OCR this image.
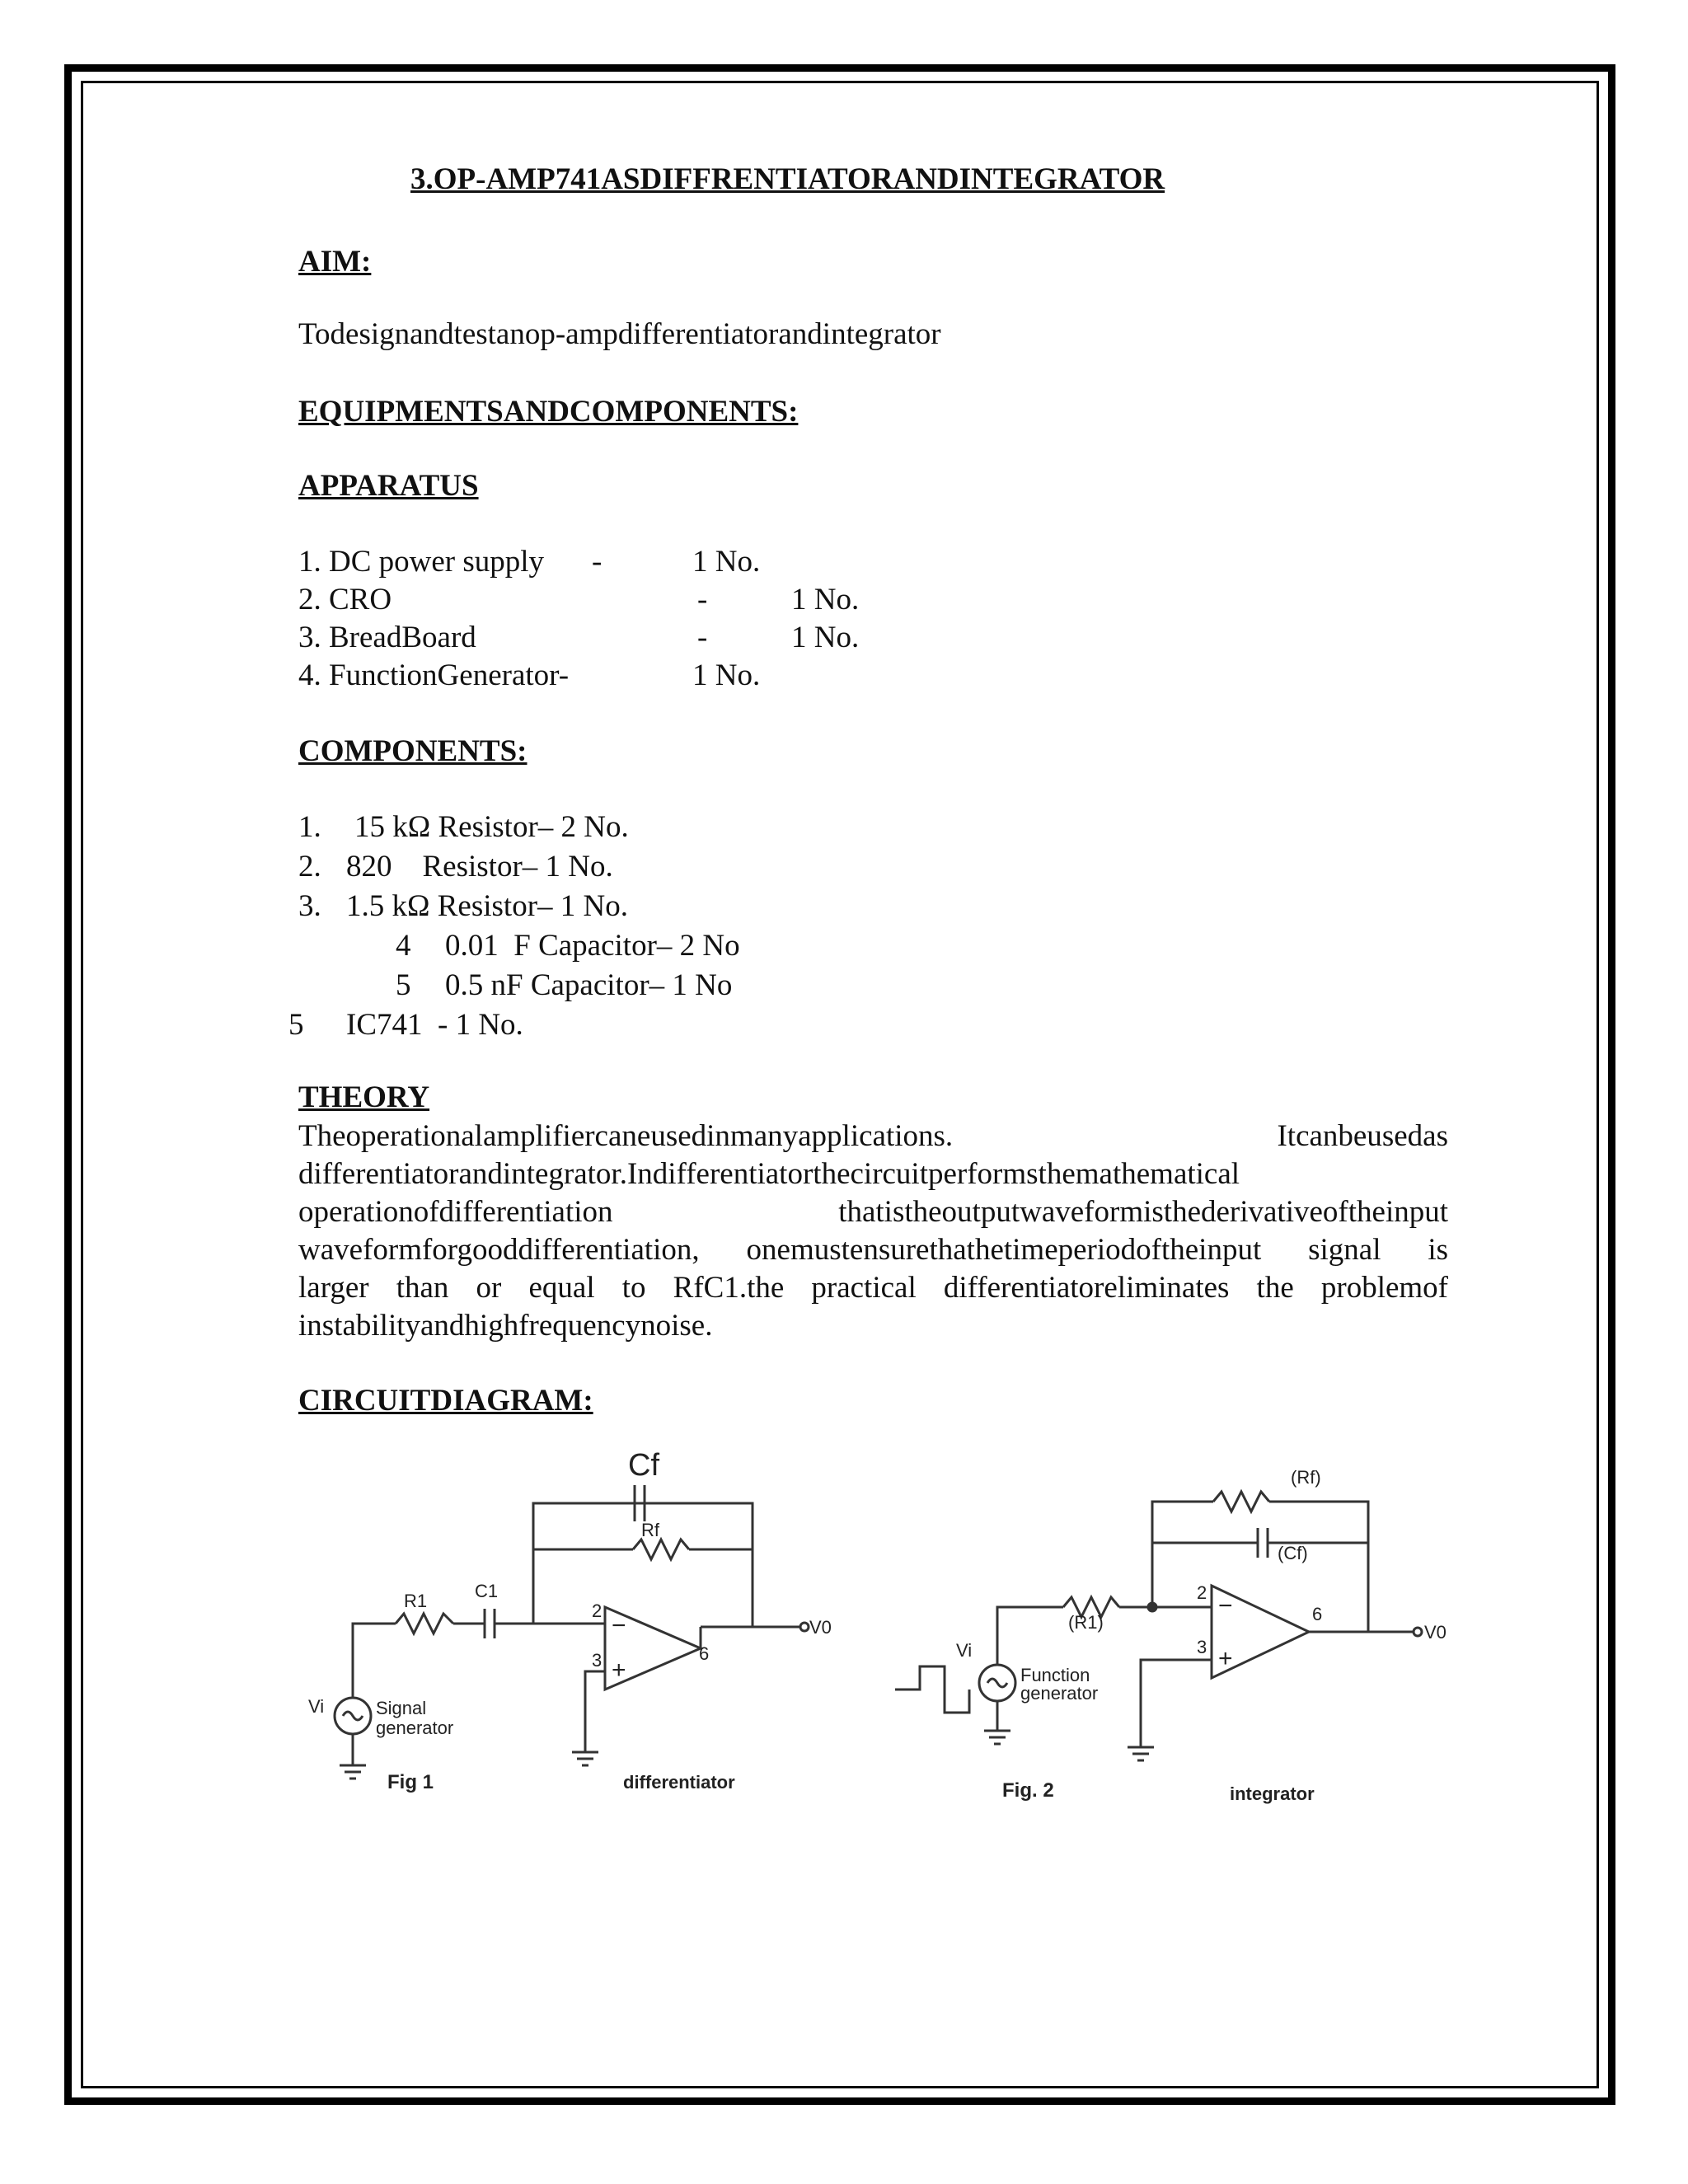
3.OP-AMP741ASDIFFRENTIATORANDINTEGRATOR
AIM:
Todesignandtestanop-ampdifferentiatorandintegrator
EQUIPMENTSANDCOMPONENTS:
APPARATUS
1. DC power supply -	1 No.
2. CRO	-	1 No.
3. BreadBoard	-	1 No.
4. FunctionGenerator-	1 No.
COMPONENTS:
1. 15 kΩ Resistor– 2 No.
2. 820    Resistor– 1 No.
3. 1.5 kΩ Resistor– 1 No.
4 0.01  F Capacitor– 2 No
5 0.5 nF Capacitor– 1 No
5 IC741  - 1 No.
THEORY
Theoperationalamplifiercaneusedinmanyapplications. Itcanbeusedas
differentiatorandintegrator.Indifferentiatorthecircuitperformsthemathematical
operationofdifferentiation thatistheoutputwaveformisthederivativeoftheinput
waveformforgooddifferentiation, onemustensurethathetimeperiodoftheinput signal is
larger than or equal to RfC1.the practical differentiatoreliminates the problemof
instabilityandhighfrequencynoise.
CIRCUITDIAGRAM:
Cf
Rf
R1	C1
2
3	6
−
+
V0
Vi	Signal
generator
Fig 1	differentiator
(Rf)
(Cf)
(R1)
2
3
6
−
+
V0
Vi
Function
generator
Fig. 2	integrator
